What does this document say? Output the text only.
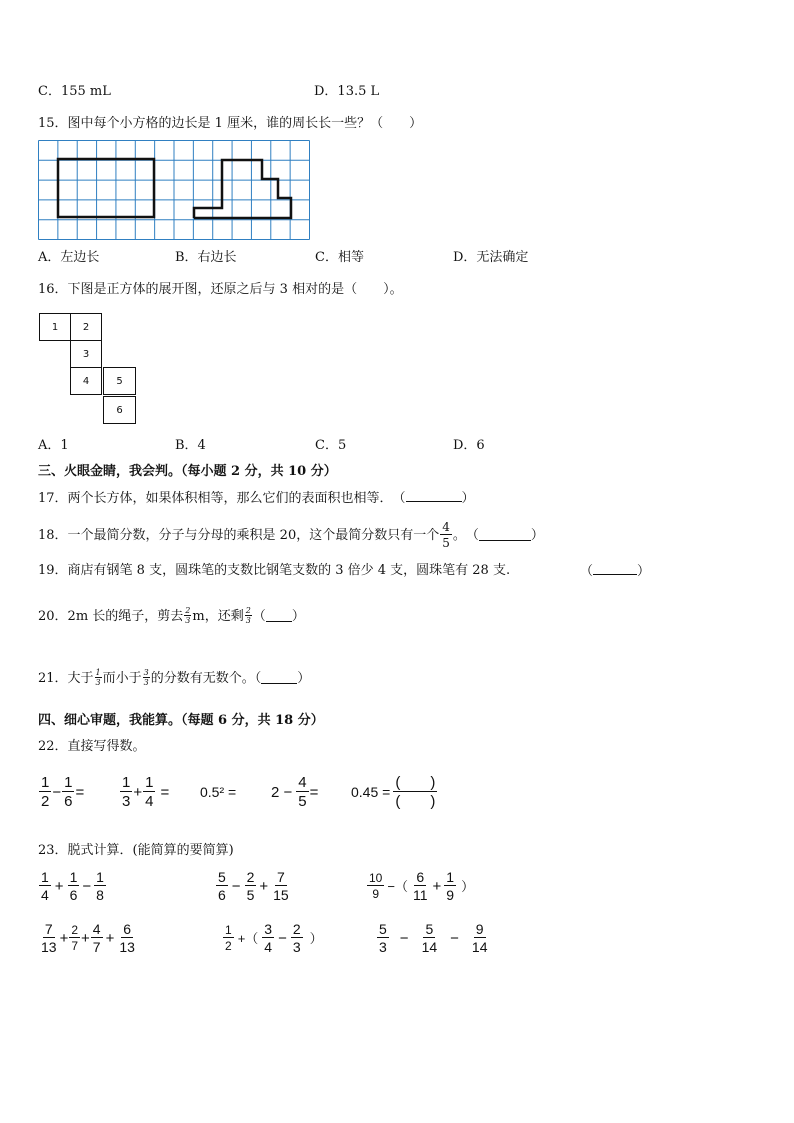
C．155 mL	D．13.5 L
15．图中每个小方格的边长是 1 厘米，谁的周长长一些？（　　）
A．左边长	B．右边长	C．相等	D．无法确定
16．下图是正方体的展开图，还原之后与 3 相对的是（　　）。
1	2
3
4	5
6
A．1	B．4	C．5	D．6
三、火眼金睛，我会判。（每小题 2 分，共 10 分）
17．两个长方体，如果体积相等，那么它们的表面积也相等．　（	）
18．一个最简分数，分子与分母的乘积是 20，这个最简分数只有一个 $\frac{4}{5}$ 。　（	）
19．商店有钢笔 8 支，圆珠笔的支数比钢笔支数的 3 倍少 4 支，圆珠笔有 28 支.	（	）
20．2m 长的绳子，剪去 $\frac{2}{3}$ m，还剩 $\frac{2}{3}$ （ ）
21．大于 $\frac{1}{3}$ 而小于 $\frac{3}{3}$ 的分数有无数个。（	）
四、细心审题，我能算。（每题 6 分，共 18 分）
22．直接写得数。
$\frac{1}{2} - \frac{1}{6} = \frac{1}{3} + \frac{1}{4} = 0.5^2 = 2 - \frac{4}{5} = 0.45 = \frac{( )}{( )}$
23．脱式计算．(能简算的要简算)
$\frac{1}{4} + \frac{1}{6} - \frac{1}{8}$	$\frac{5}{6} - \frac{2}{5} + \frac{7}{15}$	$\frac{10}{9}$ −（ $\frac{6}{11} + \frac{1}{9}$ ）
$\frac{7}{13} + \frac{2}{7} + \frac{4}{7} + \frac{6}{13}$	$\frac{1}{2}$ +（ $\frac{3}{4} - \frac{2}{3}$ ）	$\frac{5}{3} - \frac{5}{14} - \frac{9}{14}$
